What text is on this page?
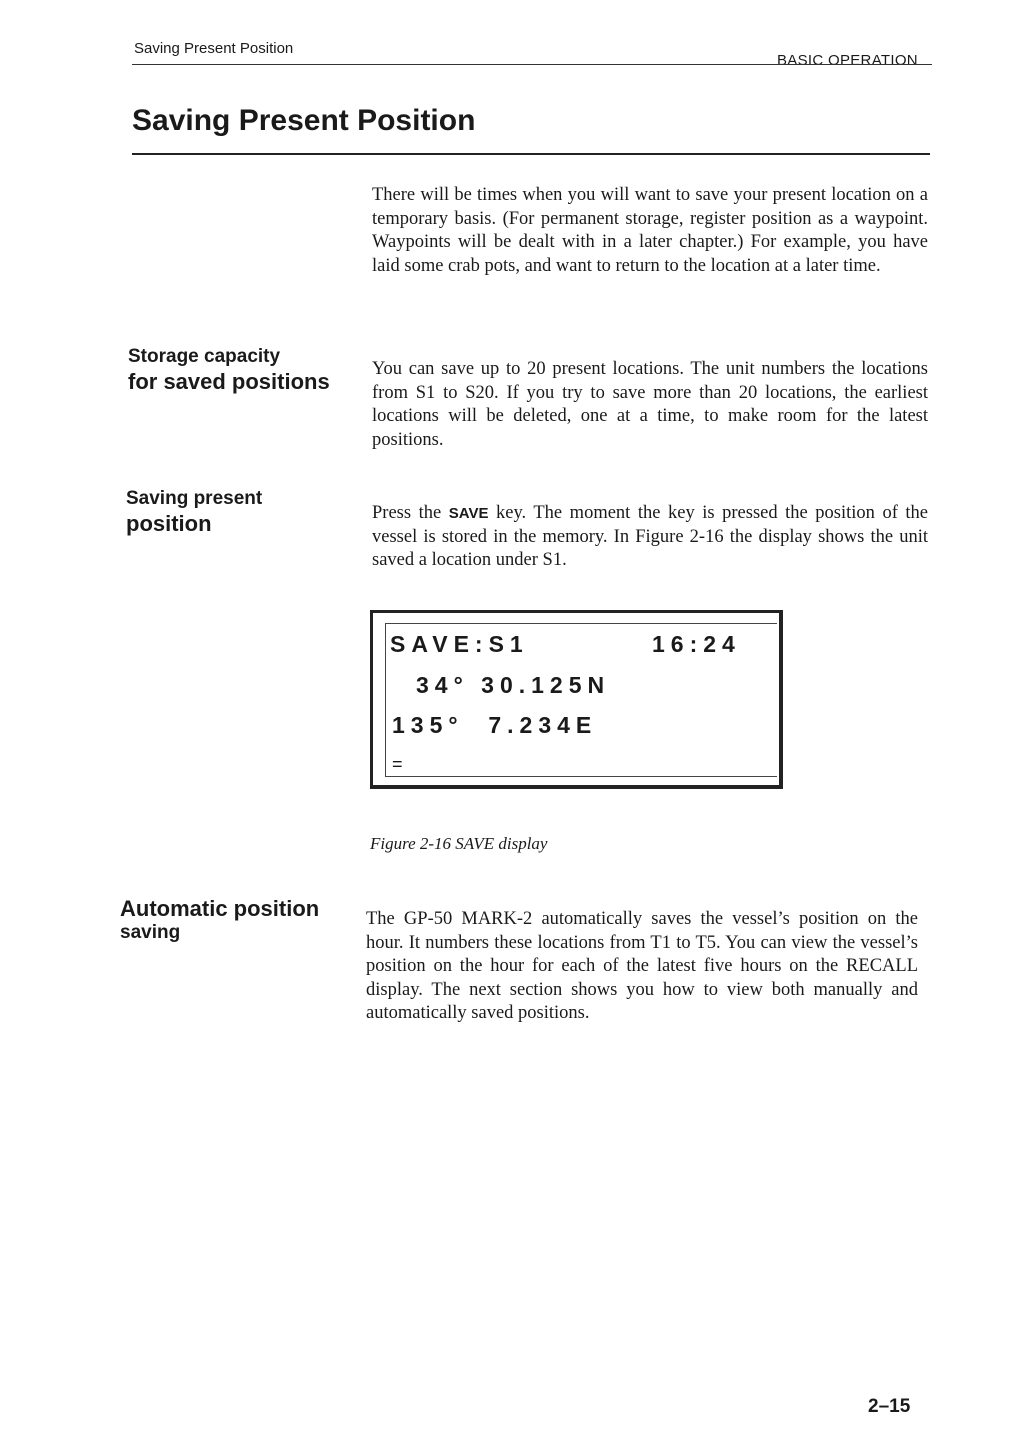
Saving Present Position
BASIC OPERATION
Saving Present Position

There will be times when you will want to save your present location on a temporary basis. (For permanent storage, register position as a waypoint. Waypoints will be dealt with in a later chapter.) For example, you have laid some crab pots, and want to return to the location at a later time.

Storage capacity
for saved positions You can save up to 20 present locations. The unit numbers the locations from S1 to S20. If you try to save more than 20 locations, the earliest locations will be deleted, one at a time, to make room for the latest positions.

Saving present
position	Press the SAVE key. The moment the key is pressed the position of the vessel is stored in the memory. In Figure 2-16 the display shows the unit saved a location under S1.

SAVE:S1	16:24
34° 30.125N
135°  7.234E
=
Figure 2-16 SAVE display
Automatic position
saving

The GP-50 MARK-2 automatically saves the vessel’s position on the hour. It numbers these locations from T1 to T5. You can view the vessel’s position on the hour for each of the latest five hours on the RECALL display. The next section shows you how to view both manually and automatically saved positions.

2–15
